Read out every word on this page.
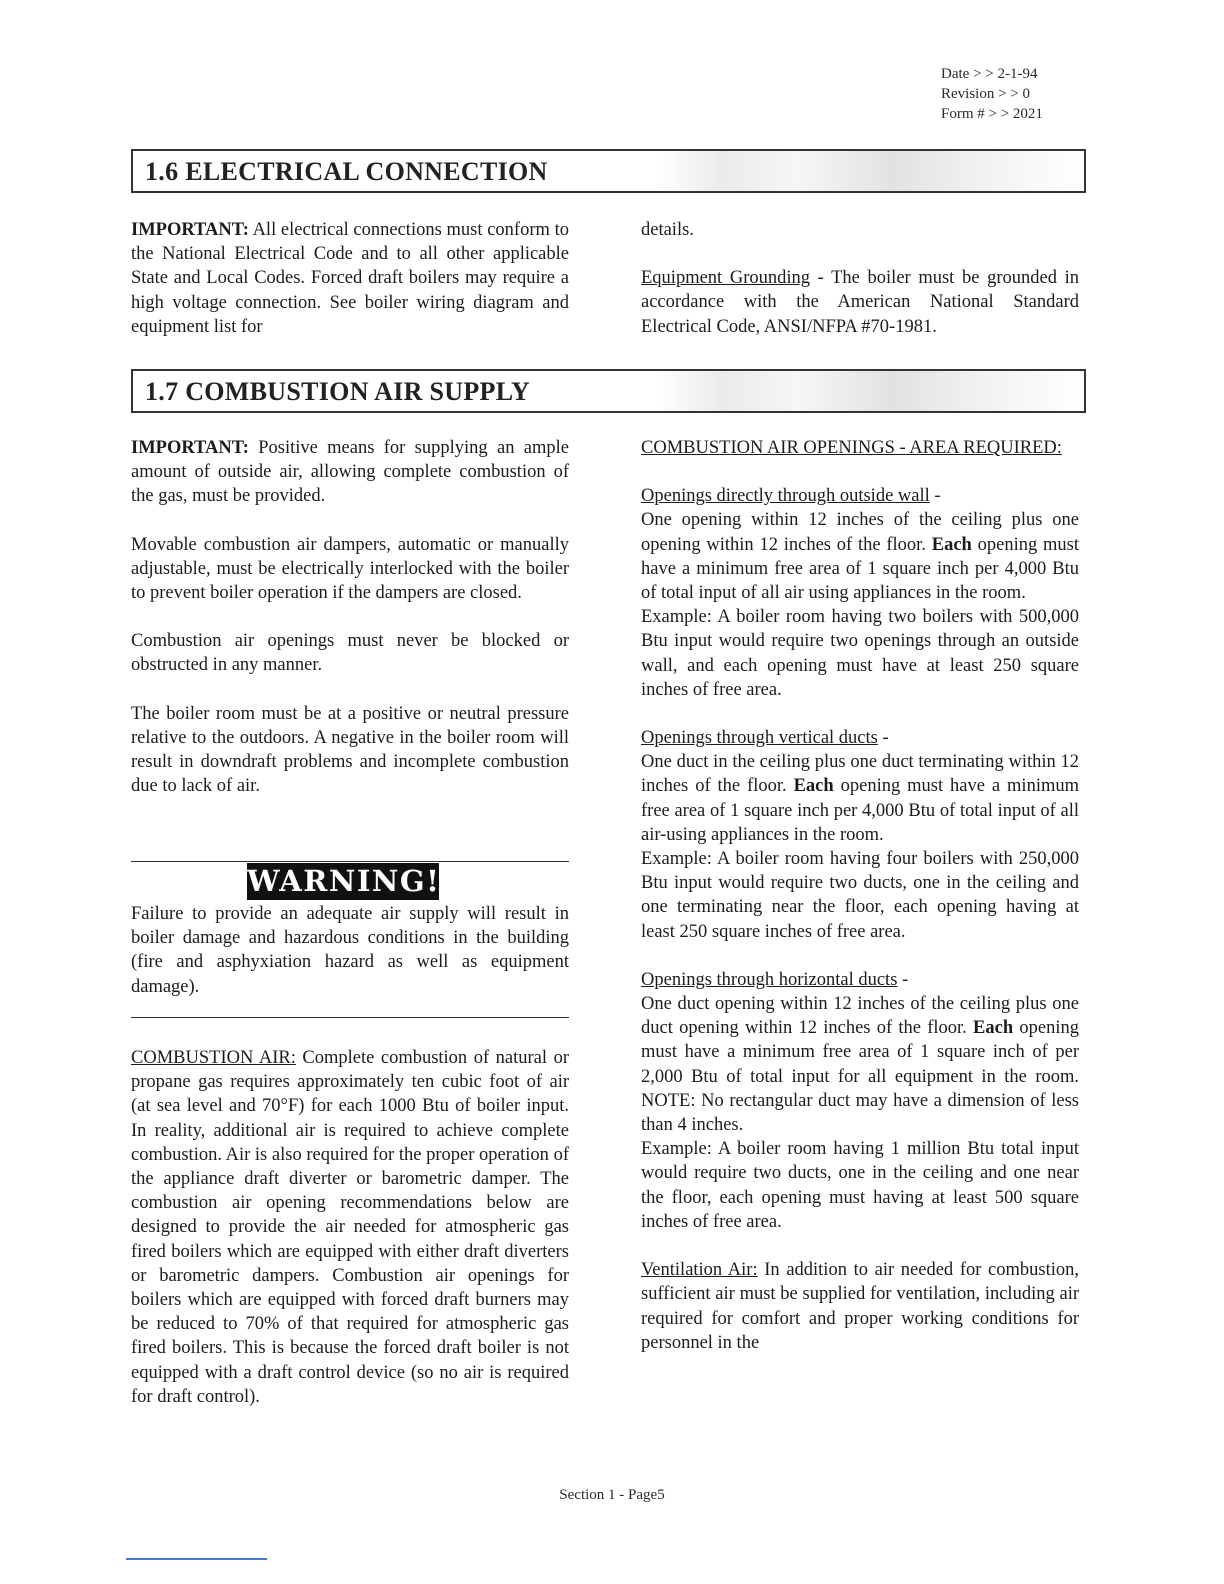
Date > > 2-1-94
Revision > > 0
Form # > > 2021
1.6 ELECTRICAL CONNECTION

IMPORTANT: All electrical connections must conform to the National Electrical Code and to all other applicable State and Local Codes. Forced draft boilers may require a high voltage connection. See boiler wiring diagram and equipment list for

details.

Equipment Grounding - The boiler must be grounded in accordance with the American National Standard Electrical Code, ANSI/NFPA #70-1981.

1.7 COMBUSTION AIR SUPPLY

IMPORTANT: Positive means for supplying an ample amount of outside air, allowing complete combustion of the gas, must be provided.

Movable combustion air dampers, automatic or manually adjustable, must be electrically interlocked with the boiler to prevent boiler operation if the dampers are closed.

Combustion air openings must never be blocked or obstructed in any manner.

The boiler room must be at a positive or neutral pressure relative to the outdoors. A negative in the boiler room will result in downdraft problems and incomplete combustion due to lack of air.

WARNING!

Failure to provide an adequate air supply will result in boiler damage and hazardous conditions in the building (fire and asphyxiation hazard as well as equipment damage).

COMBUSTION AIR: Complete combustion of natural or propane gas requires approximately ten cubic foot of air (at sea level and 70°F) for each 1000 Btu of boiler input. In reality, additional air is required to achieve complete combustion. Air is also required for the proper operation of the appliance draft diverter or barometric damper. The combustion air opening recommendations below are designed to provide the air needed for atmospheric gas fired boilers which are equipped with either draft diverters or barometric dampers. Combustion air openings for boilers which are equipped with forced draft burners may be reduced to 70% of that required for atmospheric gas fired boilers. This is because the forced draft boiler is not equipped with a draft control device (so no air is required for draft control).

COMBUSTION AIR OPENINGS - AREA REQUIRED:

Openings directly through outside wall -

One opening within 12 inches of the ceiling plus one opening within 12 inches of the floor. Each opening must have a minimum free area of 1 square inch per 4,000 Btu of total input of all air using appliances in the room.

Example: A boiler room having two boilers with 500,000 Btu input would require two openings through an outside wall, and each opening must have at least 250 square inches of free area.

Openings through vertical ducts -

One duct in the ceiling plus one duct terminating within 12 inches of the floor. Each opening must have a minimum free area of 1 square inch per 4,000 Btu of total input of all air-using appliances in the room.

Example: A boiler room having four boilers with 250,000 Btu input would require two ducts, one in the ceiling and one terminating near the floor, each opening having at least 250 square inches of free area.

Openings through horizontal ducts -

One duct opening within 12 inches of the ceiling plus one duct opening within 12 inches of the floor. Each opening must have a minimum free area of 1 square inch of per 2,000 Btu of total input for all equipment in the room. NOTE: No rectangular duct may have a dimension of less than 4 inches.

Example: A boiler room having 1 million Btu total input would require two ducts, one in the ceiling and one near the floor, each opening must having at least 500 square inches of free area.

Ventilation Air: In addition to air needed for combustion, sufficient air must be supplied for ventilation, including air required for comfort and proper working conditions for personnel in the

Section 1 - Page5
